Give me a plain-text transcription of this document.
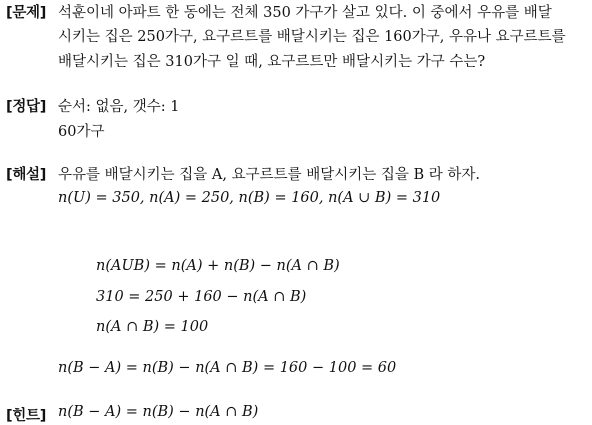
[문제] 석훈이네 아파트 한 동에는 전체 350 가구가 살고 있다. 이 중에서 우유를 배달
시키는 집은 250가구, 요구르트를 배달시키는 집은 160가구, 우유나 요구르트를
배달시키는 집은 310가구 일 때, 요구르트만 배달시키는 가구 수는?
[정답] 순서: 없음, 갯수: 1
60가구
[해설] 우유를 배달시키는 집을 A, 요구르트를 배달시키는 집을 B 라 하자.
n(U) = 350, n(A) = 250, n(B) = 160, n(A ∪ B) = 310
n(AUB) = n(A) + n(B) − n(A ∩ B)
310 = 250 + 160 − n(A ∩ B)
n(A ∩ B) = 100
n(B − A) = n(B) − n(A ∩ B) = 160 − 100 = 60
[힌트] n(B − A) = n(B) − n(A ∩ B)
